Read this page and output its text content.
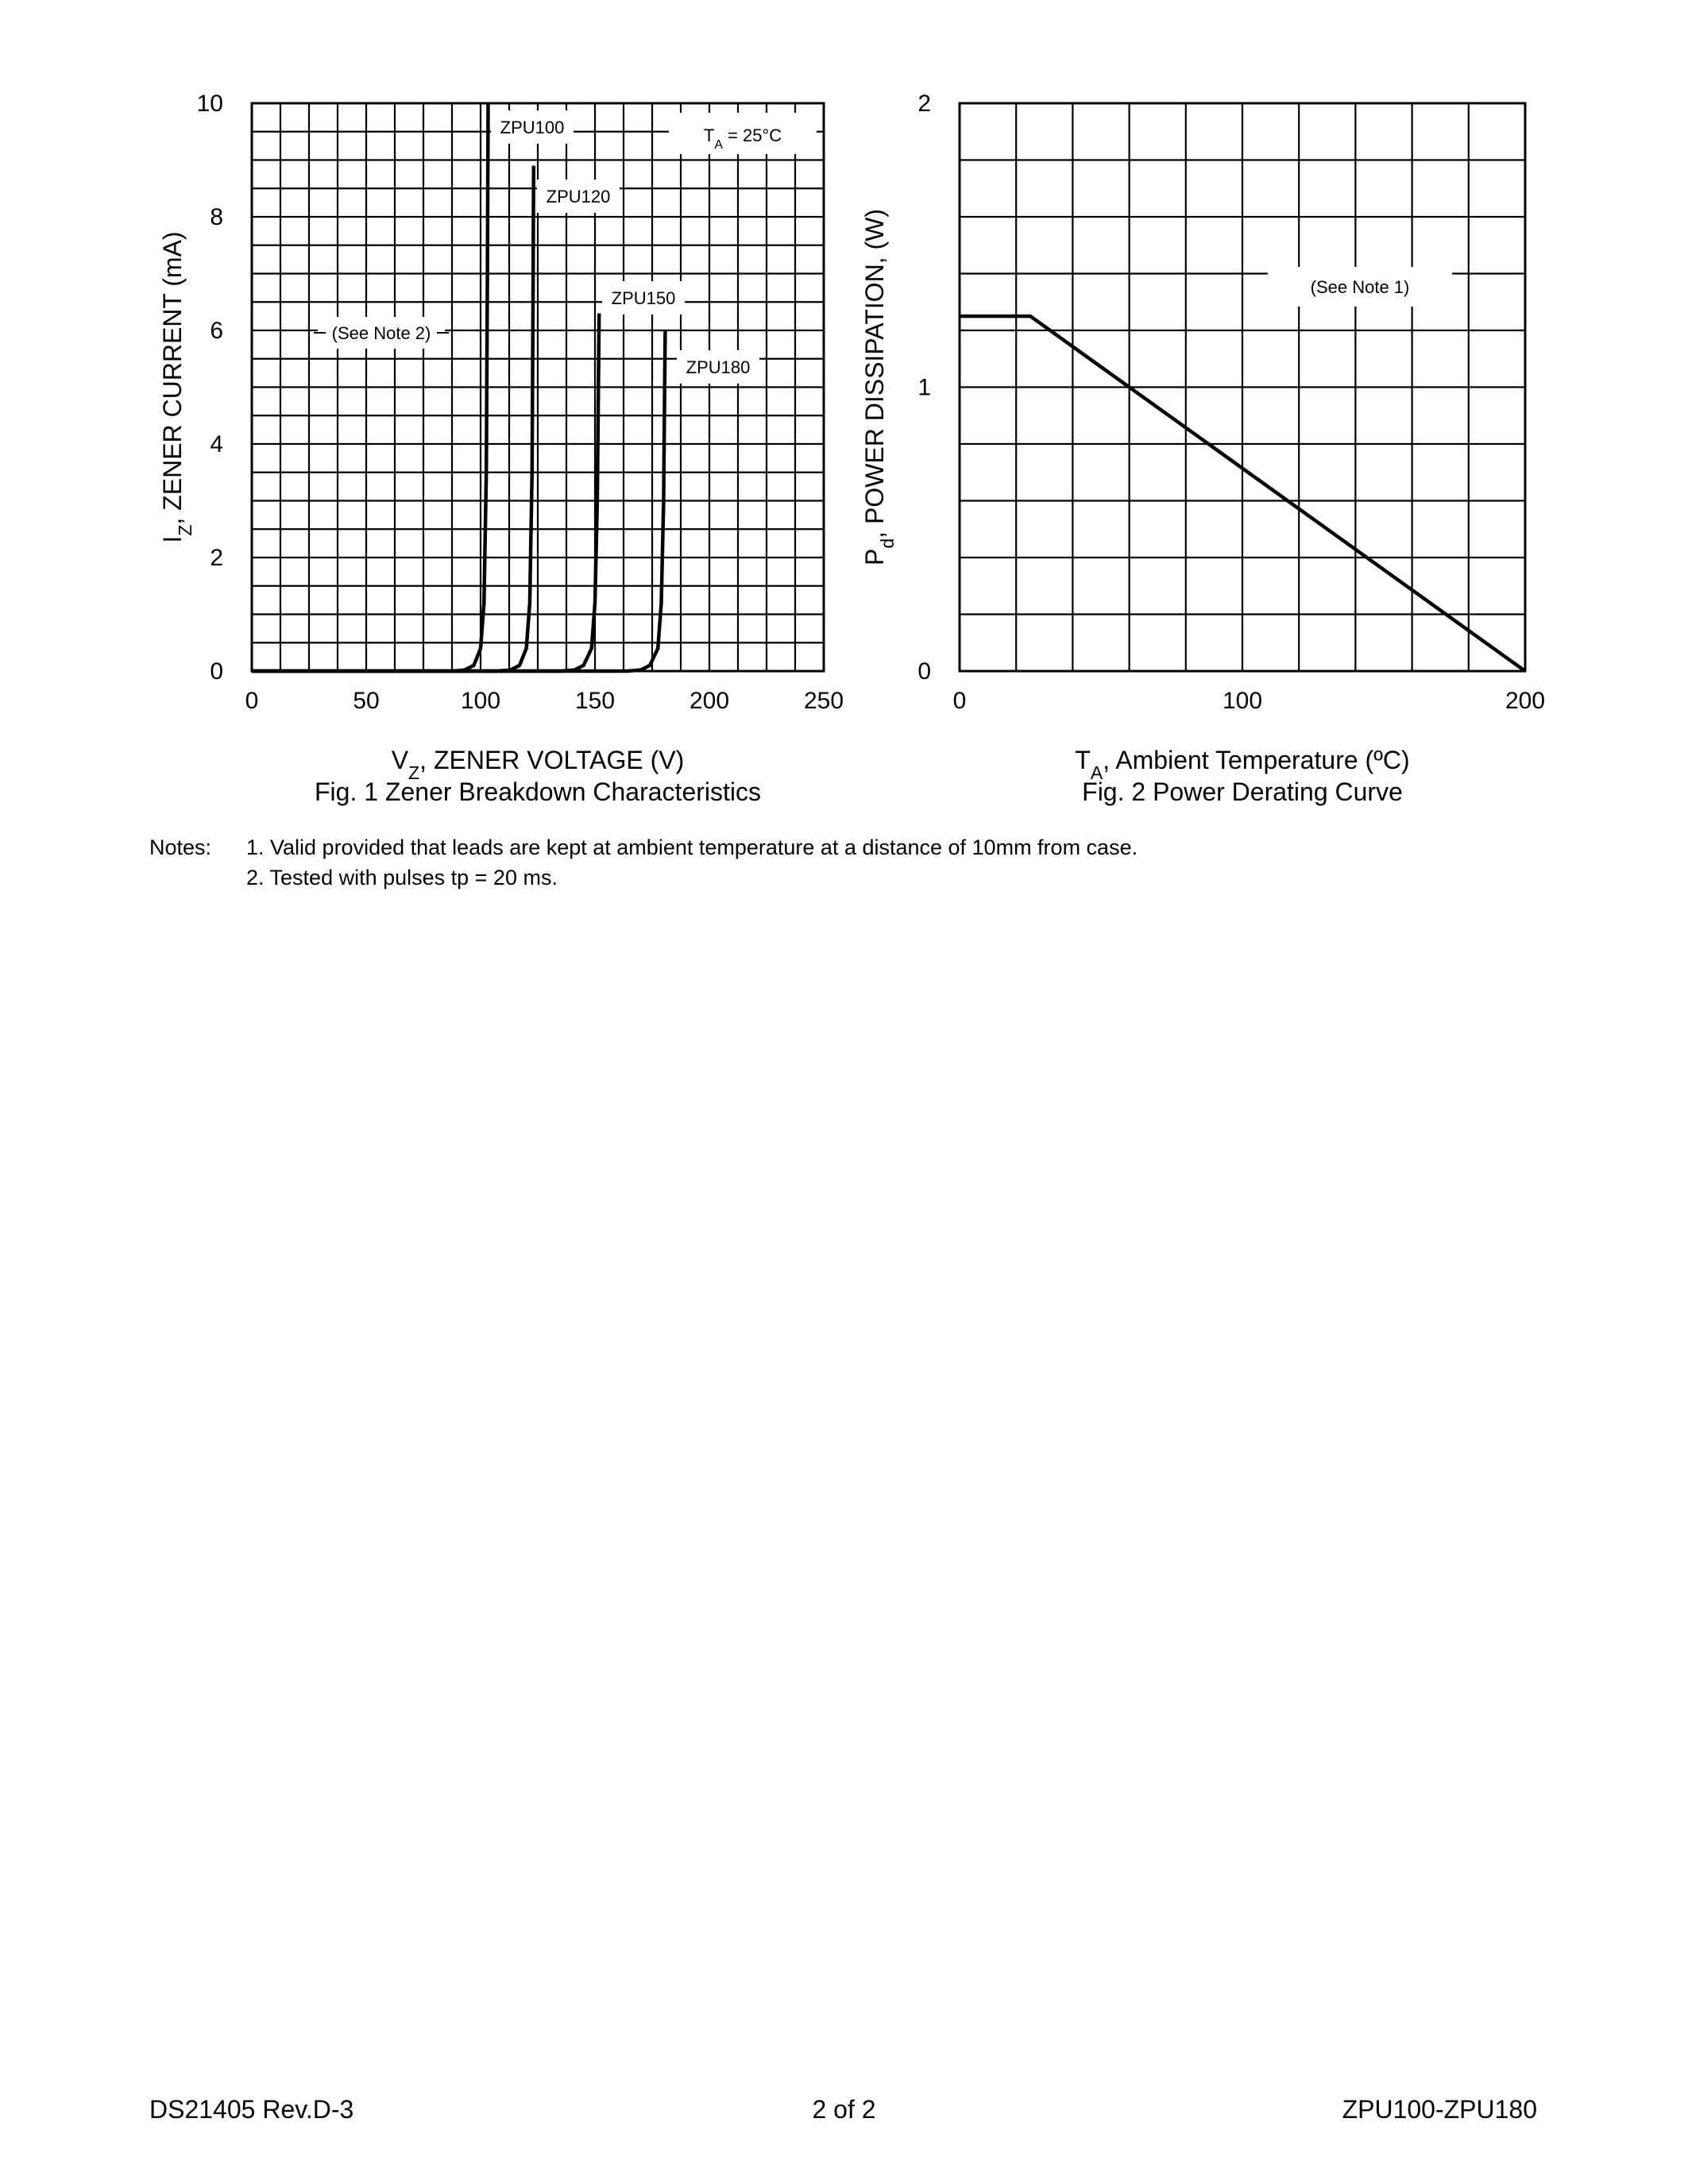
0	50	100	150	200	250
0
2
4
6
8
10
$V_Z$, ZENER VOLTAGE (V)
Fig. 1 Zener Breakdown Characteristics
$I_Z$, ZENER CURRENT (mA)
ZPU100
ZPU120
ZPU150
ZPU180
$T_A = 25^\circ C$
(See Note 2)
0	100	200
0
1
2
$T_A$, Ambient Temperature (ºC)
Fig. 2 Power Derating Curve
$P_d$, POWER DISSIPATION, (W)	(See Note 1)
Notes:	1. Valid provided that leads are kept at ambient temperature at a distance of 10mm from case.
2. Tested with pulses tp = 20 ms.
DS21405 Rev.D-3	2 of 2	ZPU100-ZPU180
